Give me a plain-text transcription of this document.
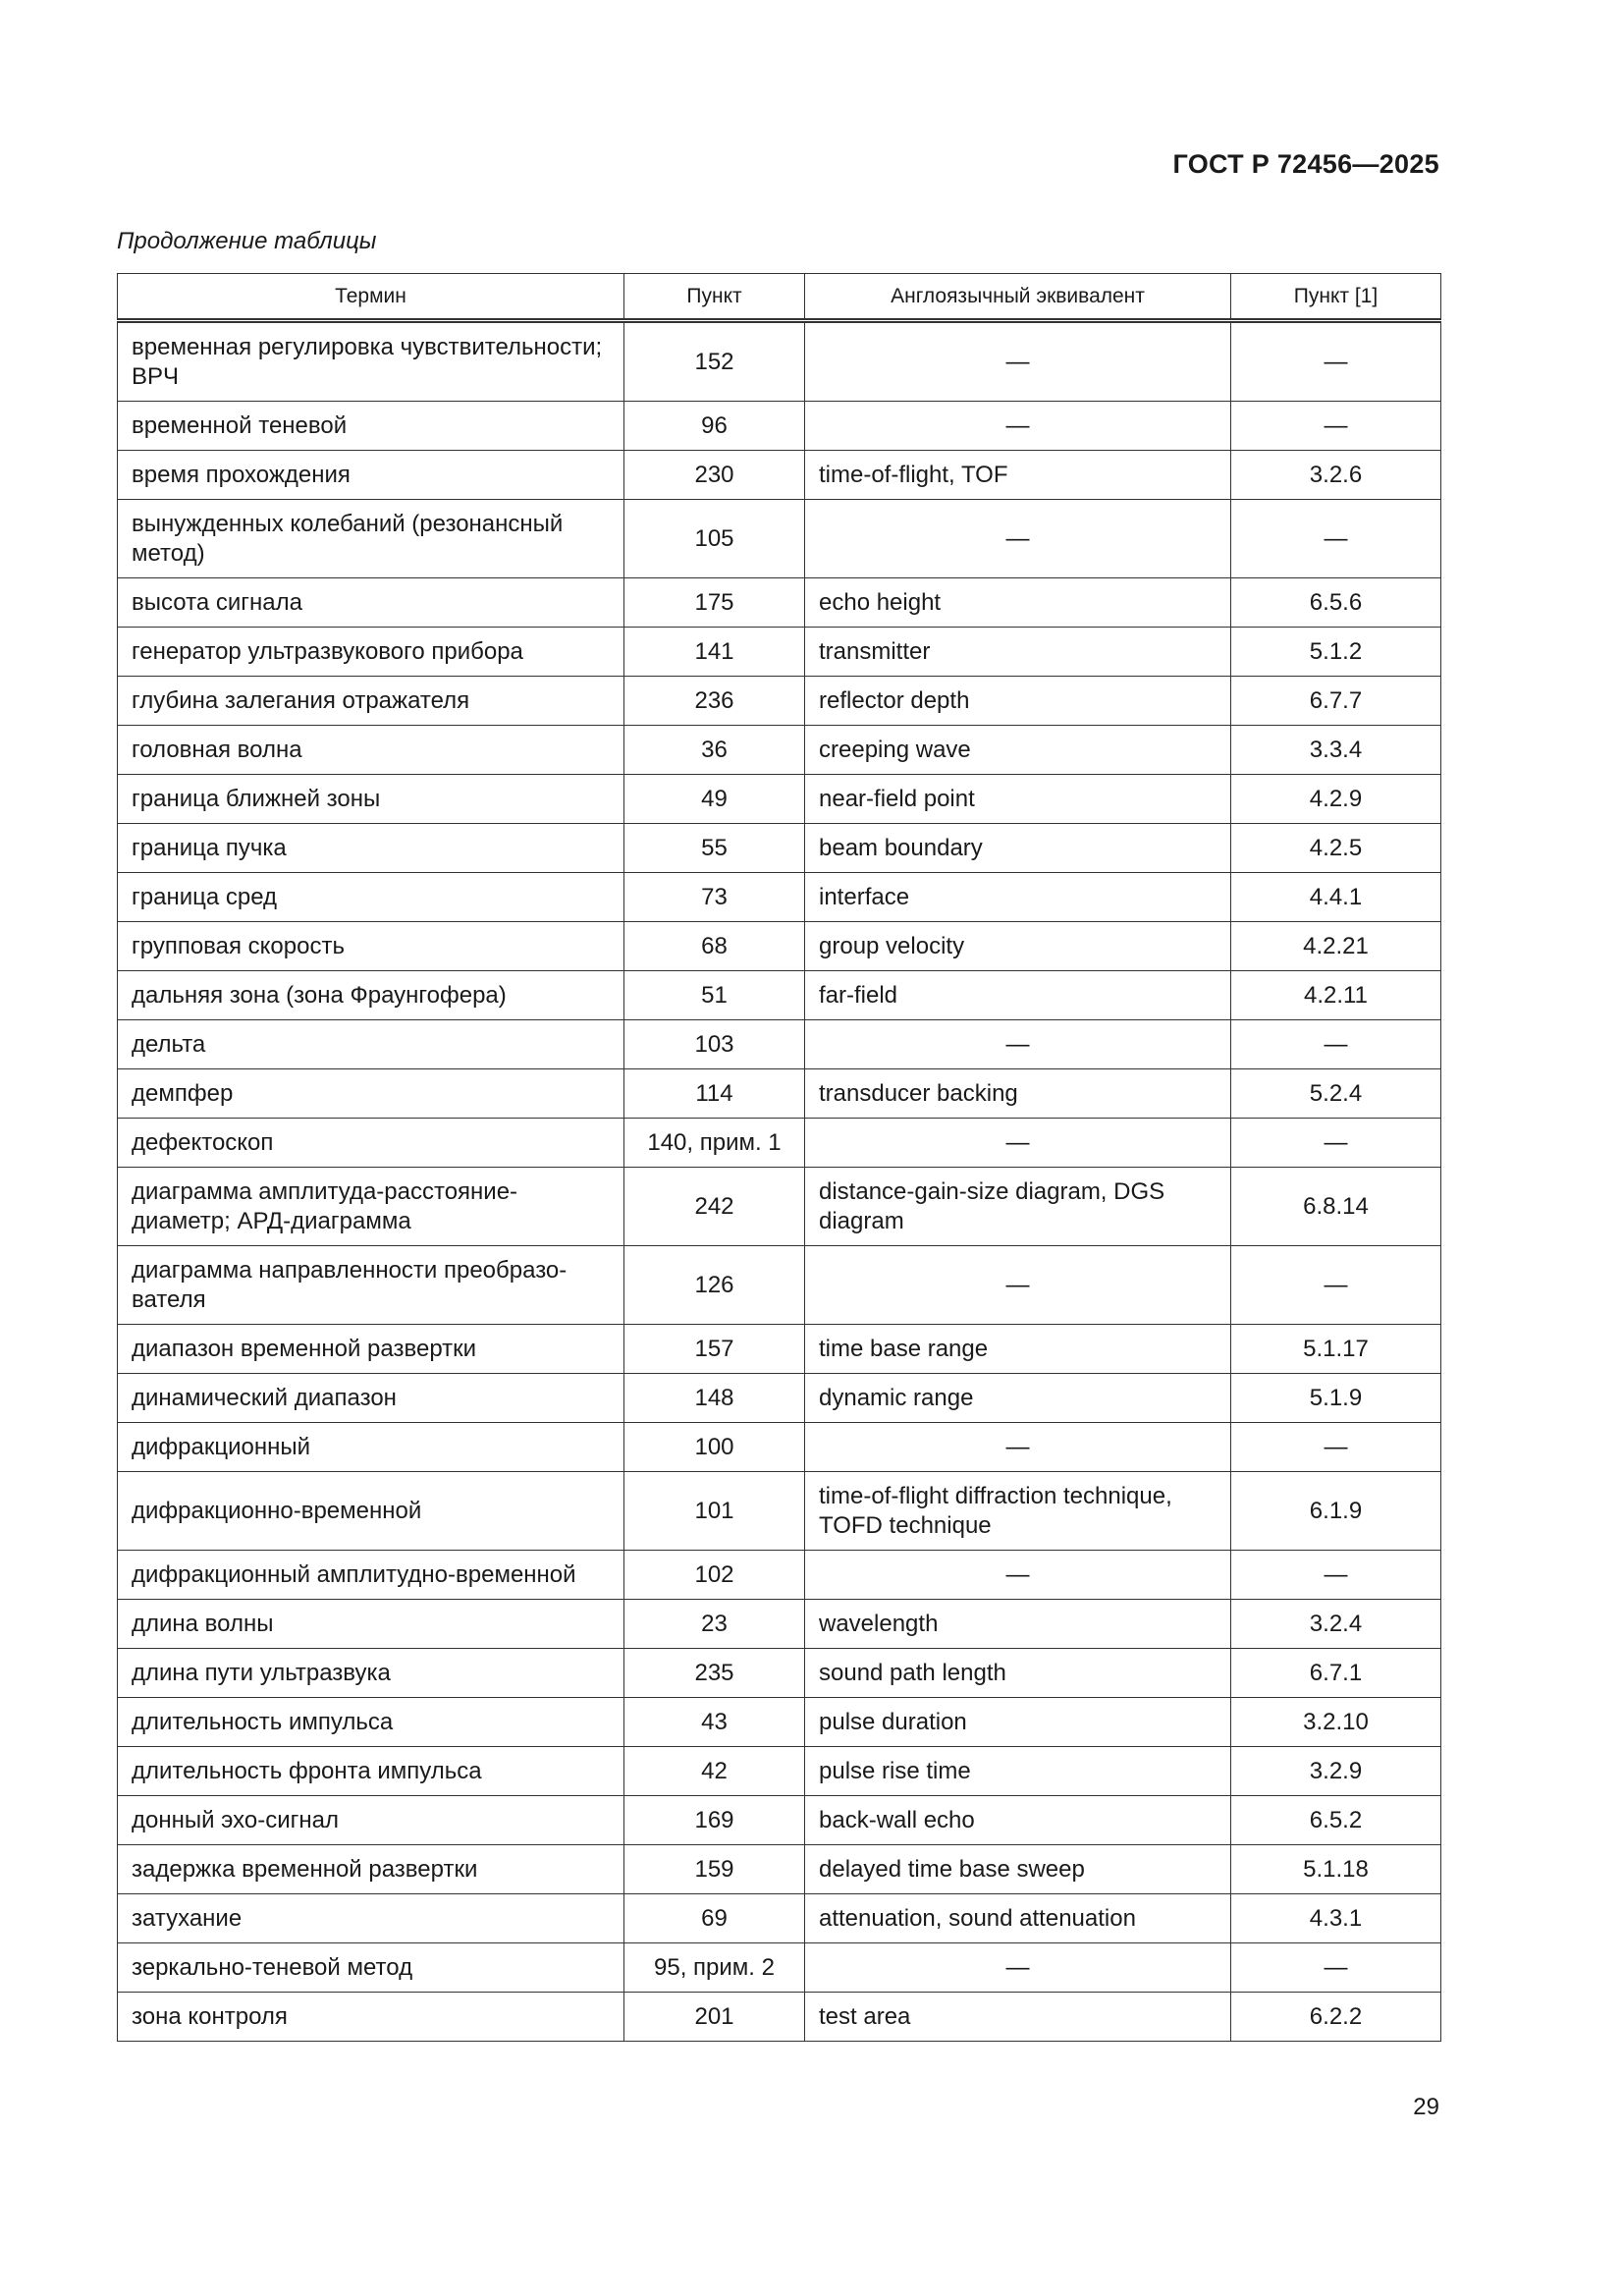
ГОСТ Р 72456—2025
Продолжение таблицы
Термин	Пункт	Англоязычный эквивалент	Пункт [1]
временная регулировка чувствительности; ВРЧ	152	—	—
временной теневой	96	—	—
время прохождения	230	time-of-flight, TOF	3.2.6
вынужденных колебаний (резонансный метод)	105	—	—
высота сигнала	175	echo height	6.5.6
генератор ультразвукового прибора	141	transmitter	5.1.2
глубина залегания отражателя	236	reflector depth	6.7.7
головная волна	36	creeping wave	3.3.4
граница ближней зоны	49	near-field point	4.2.9
граница пучка	55	beam boundary	4.2.5
граница сред	73	interface	4.4.1
групповая скорость	68	group velocity	4.2.21
дальняя зона (зона Фраунгофера)	51	far-field	4.2.11
дельта	103	—	—
демпфер	114	transducer backing	5.2.4
дефектоскоп	140, прим. 1	—	—
диаграмма амплитуда-расстояние-диаметр; АРД-диаграмма	242	distance-gain-size diagram, DGS diagram	6.8.14
диаграмма направленности преобразо-вателя	126	—	—
диапазон временной развертки	157	time base range	5.1.17
динамический диапазон	148	dynamic range	5.1.9
дифракционный	100	—	—
дифракционно-временной	101	time-of-flight diffraction technique, TOFD technique	6.1.9
дифракционный амплитудно-временной	102	—	—
длина волны	23	wavelength	3.2.4
длина пути ультразвука	235	sound path length	6.7.1
длительность импульса	43	pulse duration	3.2.10
длительность фронта импульса	42	pulse rise time	3.2.9
донный эхо-сигнал	169	back-wall echo	6.5.2
задержка временной развертки	159	delayed time base sweep	5.1.18
затухание	69	attenuation, sound attenuation	4.3.1
зеркально-теневой метод	95, прим. 2	—	—
зона контроля	201	test area	6.2.2
29
